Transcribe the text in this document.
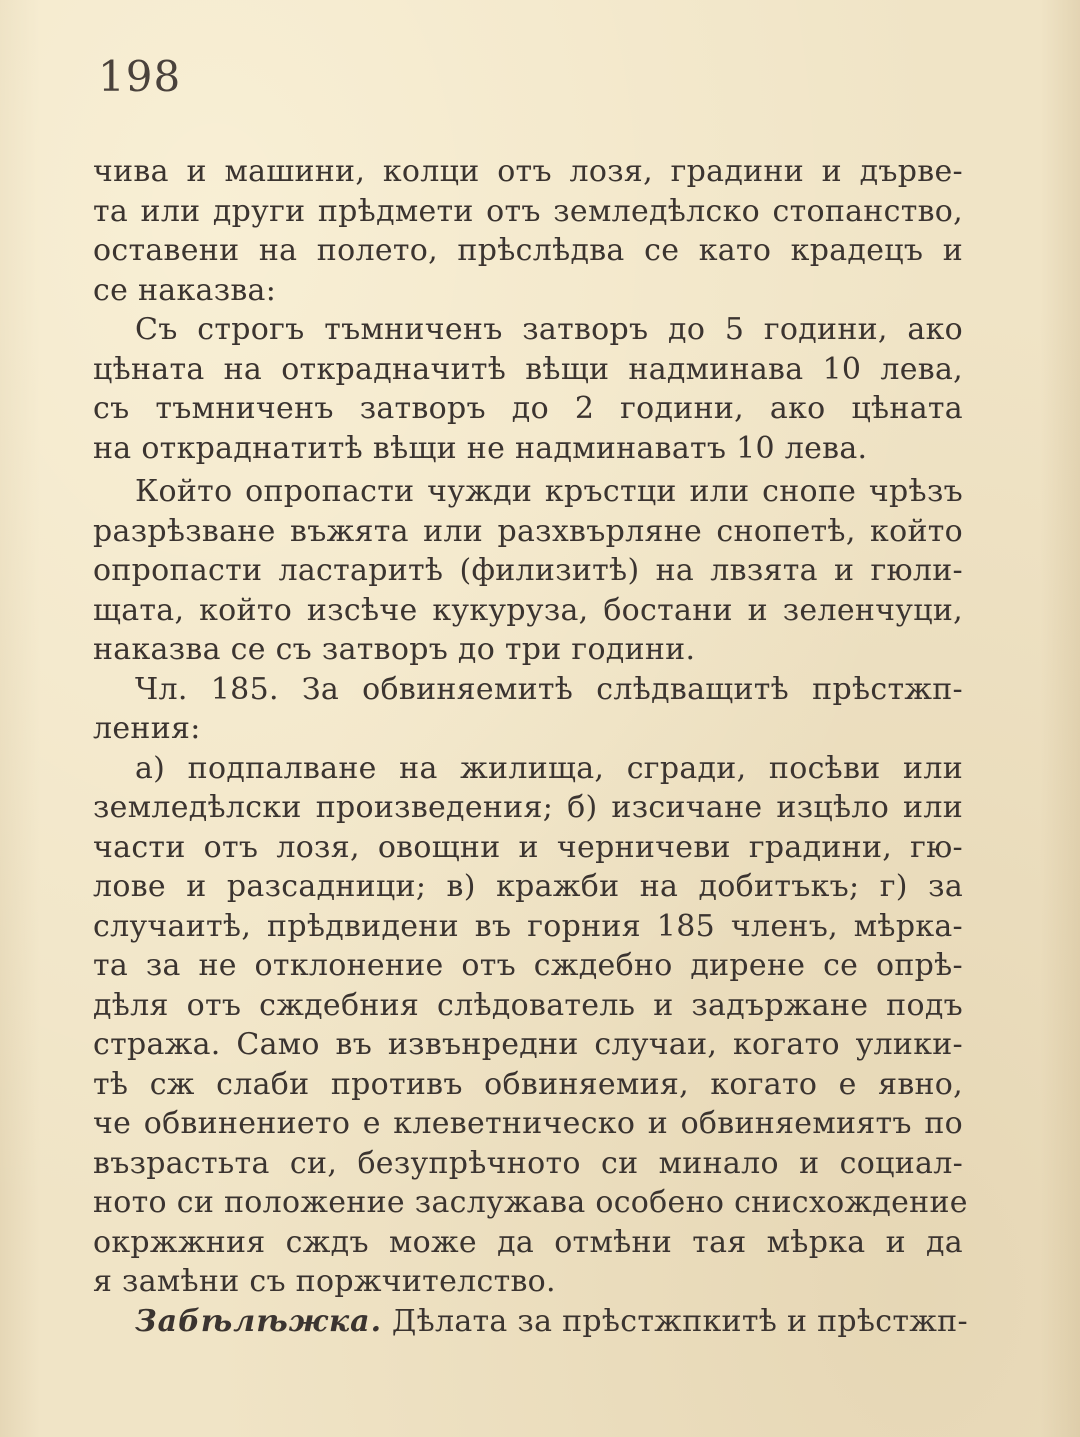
198
чива и машини, колци отъ лозя, градини и дърве-
та или други прѣдмети отъ земледѣлско стопанство,
оставени на полето, прѣслѣдва се като крадецъ и
се наказва:
Съ строгъ тъмниченъ затворъ до 5 години, ако
цѣната на открадначитѣ вѣщи надминава 10 лева,
съ тъмниченъ затворъ до 2 години, ако цѣната
на откраднатитѣ вѣщи не надминаватъ 10 лева.
Който опропасти чужди кръстци или снопе чрѣзъ
разрѣзване въжята или разхвърляне снопетѣ, който
опропасти ластаритѣ (филизитѣ) на лвзята и гюли-
щата, който изсѣче кукуруза, бостани и зеленчуци,
наказва се съ затворъ до три години.
Чл. 185. За обвиняемитѣ слѣдващитѣ прѣстжп-
ления:
а) подпалване на жилища, сгради, посѣви или
земледѣлски произведения; б) изсичане изцѣло или
части отъ лозя, овощни и черничеви градини, гю-
лове и разсадници; в) кражби на добитъкъ; г) за
случаитѣ, прѣдвидени въ горния 185 членъ, мѣрка-
та за не отклонение отъ сждебно дирене се опрѣ-
дѣля отъ сждебния слѣдователь и задържане подъ
стража. Само въ извънредни случаи, когато улики-
тѣ сж слаби противъ обвиняемия, когато е явно,
че обвинението е клеветническо и обвиняемиятъ по
възрастьта си, безупрѣчното си минало и социал-
ното си положение заслужава особено снисхождение
окржжния сждъ може да отмѣни тая мѣрка и да
я замѣни съ поржчителство.
Забѣлѣжка. Дѣлата за прѣстжпкитѣ и прѣстжп-
